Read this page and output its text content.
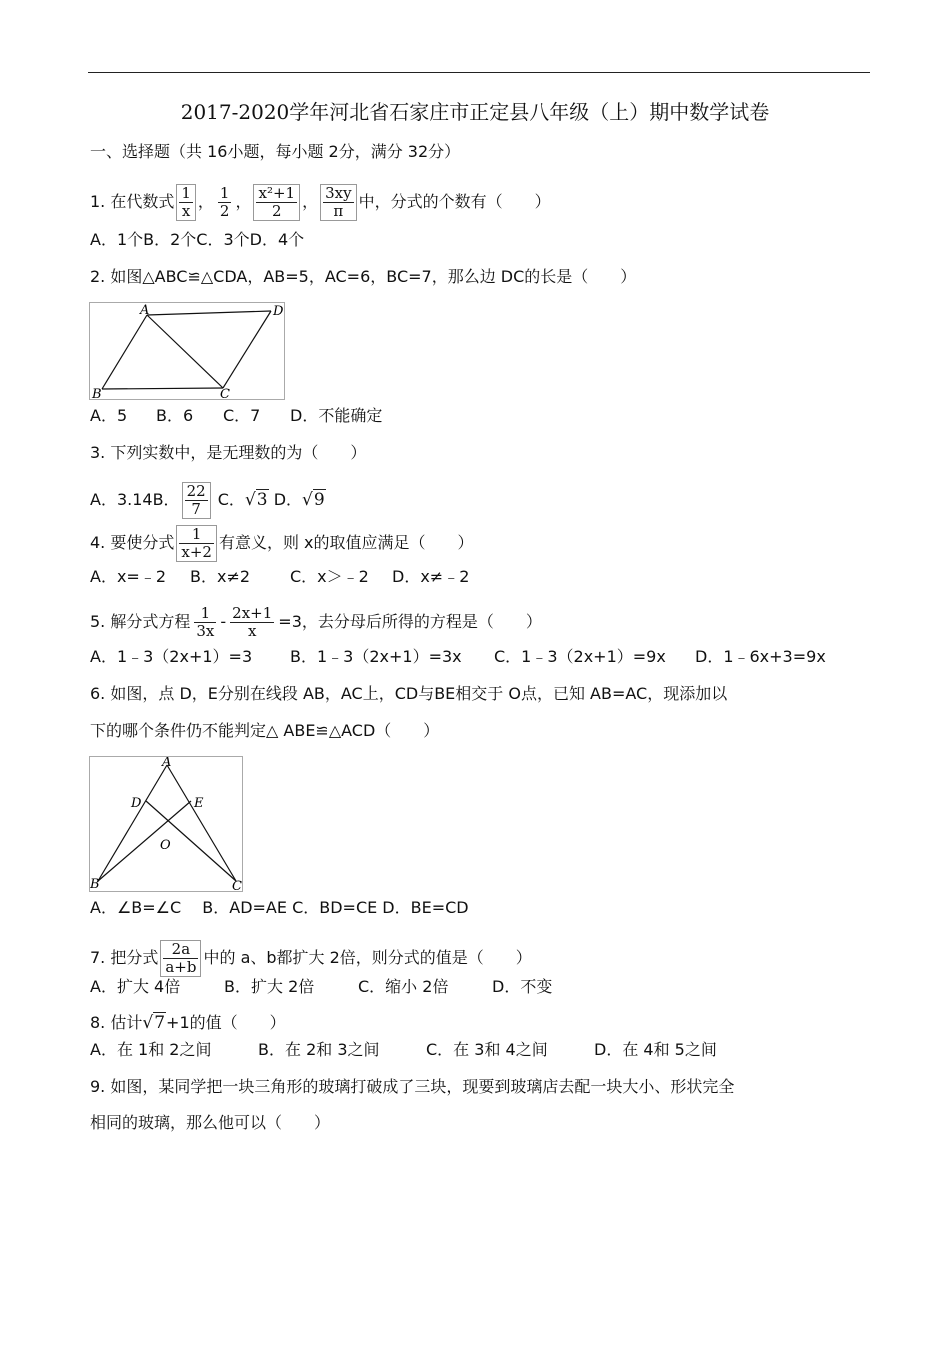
2017-2020学年河北省石家庄市正定县八年级（上）期中数学试卷
一、选择题（共 16小题，每小题 2分，满分 32分）
1. 在代数式 $\frac{1}{x}$ ， $\frac{1}{2}$ ， $\frac{\text{x²+1}}{2}$ ， $\frac{3xy}{\pi}$ 中，分式的个数有（　　）
A．1个B．2个C．3个D．4个
2. 如图△ABC≌△CDA，AB=5，AC=6，BC=7，那么边 DC的长是（　　）
A	D
B	C
A．5 B．6 C．7 D．不能确定
3. 下列实数中，是无理数的为（　　）
A．3.14B． $\frac{22}{7}$ C．√3 D．√9
4. 要使分式 $\frac{1}{x+2}$ 有意义，则 x的取值应满足（　　）
A．x=﹣2 B．x≠2 C．x＞﹣2 D．x≠﹣2
5. 解分式方程 $\frac{1}{3x} - \frac{2x+1}{x} =3$，去分母后所得的方程是（　　）
A．1﹣3（2x+1）=3 B．1﹣3（2x+1）=3x C．1﹣3（2x+1）=9x D．1﹣6x+3=9x
6. 如图，点 D，E分别在线段 AB，AC上，CD与BE相交于 O点，已知 AB=AC，现添加以
下的哪个条件仍不能判定△ ABE≌△ACD（　　）
A
D	E
O
B	C
A．∠B=∠C　 B．AD=AE C．BD=CE D．BE=CD
7. 把分式 $\frac{2a}{a+b}$ 中的 a、b都扩大 2倍，则分式的值是（　　）
A．扩大 4倍	B．扩大 2倍	C．缩小 2倍	D．不变
8. 估计√7+1的值（　　）
A．在 1和 2之间	B．在 2和 3之间	C．在 3和 4之间	D．在 4和 5之间
9. 如图，某同学把一块三角形的玻璃打破成了三块，现要到玻璃店去配一块大小、形状完全
相同的玻璃，那么他可以（　　）
